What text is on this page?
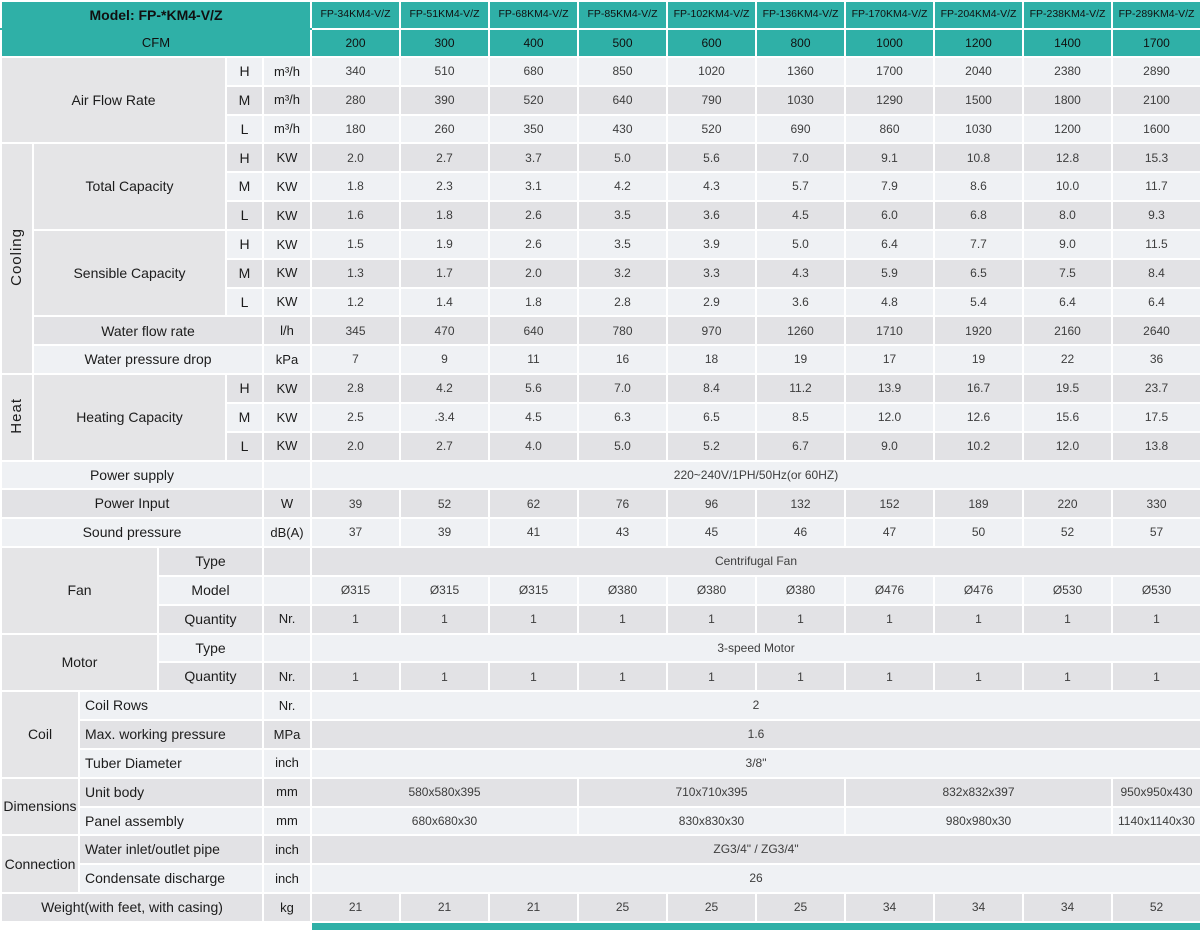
Model: FP-*KM4-V/Z						FP-34KM4-V/Z	FP-51KM4-V/Z	FP-68KM4-V/Z	FP-85KM4-V/Z	FP-102KM4-V/Z	FP-136KM4-V/Z	FP-170KM4-V/Z	FP-204KM4-V/Z	FP-238KM4-V/Z	FP-289KM4-V/Z
CFM						200	300	400	500	600	800	1000	1200	1400	1700
Air Flow Rate				H	m³/h	340	510	680	850	1020	1360	1700	2040	2380	2890
				M	m³/h	280	390	520	640	790	1030	1290	1500	1800	2100
				L	m³/h	180	260	350	430	520	690	860	1030	1200	1600
Cooling	Total Capacity			H	KW	2.0	2.7	3.7	5.0	5.6	7.0	9.1	10.8	12.8	15.3
				M	KW	1.8	2.3	3.1	4.2	4.3	5.7	7.9	8.6	10.0	11.7
				L	KW	1.6	1.8	2.6	3.5	3.6	4.5	6.0	6.8	8.0	9.3
	Sensible Capacity			H	KW	1.5	1.9	2.6	3.5	3.9	5.0	6.4	7.7	9.0	11.5
				M	KW	1.3	1.7	2.0	3.2	3.3	4.3	5.9	6.5	7.5	8.4
				L	KW	1.2	1.4	1.8	2.8	2.9	3.6	4.8	5.4	6.4	6.4
	Water flow rate				l/h	345	470	640	780	970	1260	1710	1920	2160	2640
	Water pressure drop				kPa	7	9	11	16	18	19	17	19	22	36
Heat	Heating Capacity			H	KW	2.8	4.2	5.6	7.0	8.4	11.2	13.9	16.7	19.5	23.7
				M	KW	2.5	.3.4	4.5	6.3	6.5	8.5	12.0	12.6	15.6	17.5
				L	KW	2.0	2.7	4.0	5.0	5.2	6.7	9.0	10.2	12.0	13.8
Power supply						220~240V/1PH/50Hz(or 60HZ)									
Power Input					W	39	52	62	76	96	132	152	189	220	330
Sound pressure					dB(A)	37	39	41	43	45	46	47	50	52	57
Fan			Type			Centrifugal Fan									
			Model			Ø315	Ø315	Ø315	Ø380	Ø380	Ø380	Ø476	Ø476	Ø530	Ø530
			Quantity		Nr.	1	1	1	1	1	1	1	1	1	1
Motor			Type			3-speed Motor									
			Quantity		Nr.	1	1	1	1	1	1	1	1	1	1
Coil		Coil Rows			Nr.	2									
		Max. working pressure			MPa	1.6									
		Tuber Diameter			inch	3/8"									
Dimensions		Unit body			mm	580x580x395			710x710x395			832x832x397			950x950x430
		Panel assembly			mm	680x680x30			830x830x30			980x980x30			1140x1140x30
Connection		Water inlet/outlet pipe			inch	ZG3/4" / ZG3/4"									
		Condensate discharge			inch	26									
Weight(with feet, with casing)					kg	21	21	21	25	25	25	34	34	34	52
